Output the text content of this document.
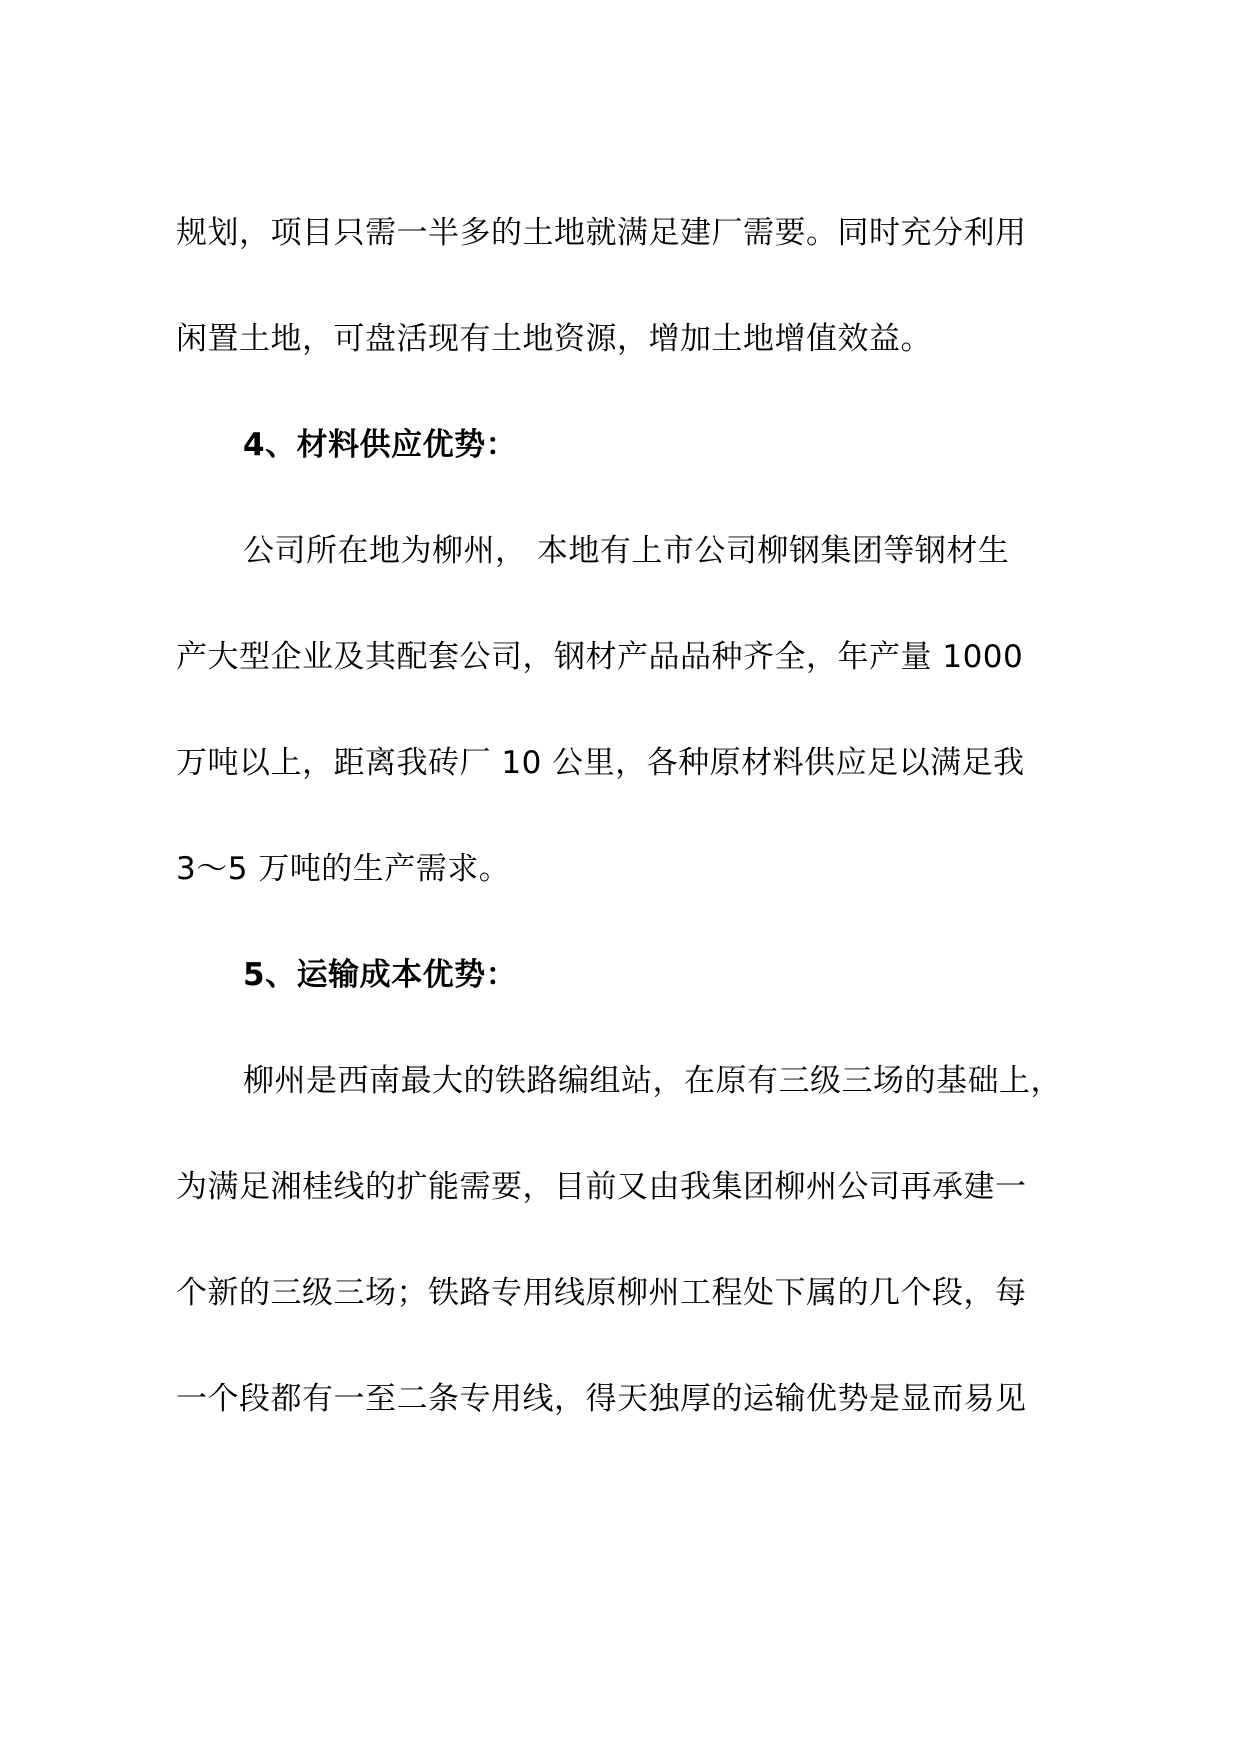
规划，项目只需一半多的土地就满足建厂需要。同时充分利用
闲置土地，可盘活现有土地资源，增加土地增值效益。
4、材料供应优势：
公司所在地为柳州， 本地有上市公司柳钢集团等钢材生
产大型企业及其配套公司，钢材产品品种齐全，年产量 1000
万吨以上，距离我砖厂 10 公里，各种原材料供应足以满足我
3～5 万吨的生产需求。
5、运输成本优势：
柳州是西南最大的铁路编组站，在原有三级三场的基础上，
为满足湘桂线的扩能需要，目前又由我集团柳州公司再承建一
个新的三级三场；铁路专用线原柳州工程处下属的几个段，每
一个段都有一至二条专用线，得天独厚的运输优势是显而易见
